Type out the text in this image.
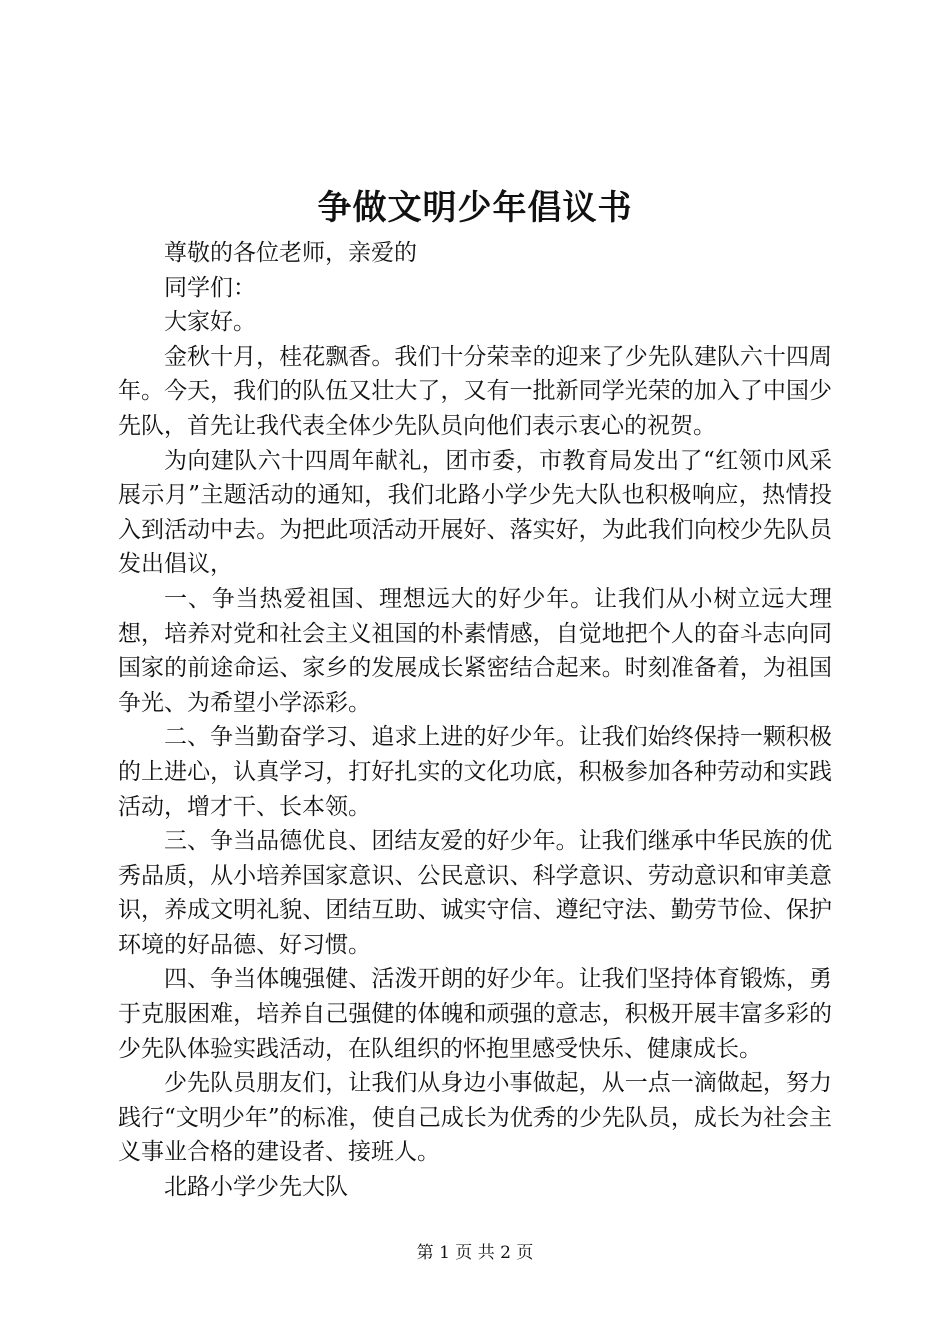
争做文明少年倡议书

尊敬的各位老师，亲爱的

同学们：

大家好。

金秋十月，桂花飘香。我们十分荣幸的迎来了少先队建队六十四周年。今天，我们的队伍又壮大了，又有一批新同学光荣的加入了中国少先队，首先让我代表全体少先队员向他们表示衷心的祝贺。

为向建队六十四周年献礼，团市委，市教育局发出了“红领巾风采展示月”主题活动的通知，我们北路小学少先大队也积极响应，热情投入到活动中去。为把此项活动开展好、落实好，为此我们向校少先队员发出倡议，

一、争当热爱祖国、理想远大的好少年。让我们从小树立远大理想，培养对党和社会主义祖国的朴素情感，自觉地把个人的奋斗志向同国家的前途命运、家乡的发展成长紧密结合起来。时刻准备着，为祖国争光、为希望小学添彩。

二、争当勤奋学习、追求上进的好少年。让我们始终保持一颗积极的上进心，认真学习，打好扎实的文化功底，积极参加各种劳动和实践活动，增才干、长本领。

三、争当品德优良、团结友爱的好少年。让我们继承中华民族的优秀品质，从小培养国家意识、公民意识、科学意识、劳动意识和审美意识，养成文明礼貌、团结互助、诚实守信、遵纪守法、勤劳节俭、保护环境的好品德、好习惯。

四、争当体魄强健、活泼开朗的好少年。让我们坚持体育锻炼，勇于克服困难，培养自己强健的体魄和顽强的意志，积极开展丰富多彩的少先队体验实践活动，在队组织的怀抱里感受快乐、健康成长。

少先队员朋友们，让我们从身边小事做起，从一点一滴做起，努力践行“文明少年”的标准，使自己成长为优秀的少先队员，成长为社会主义事业合格的建设者、接班人。

北路小学少先大队

第 1 页 共 2 页
